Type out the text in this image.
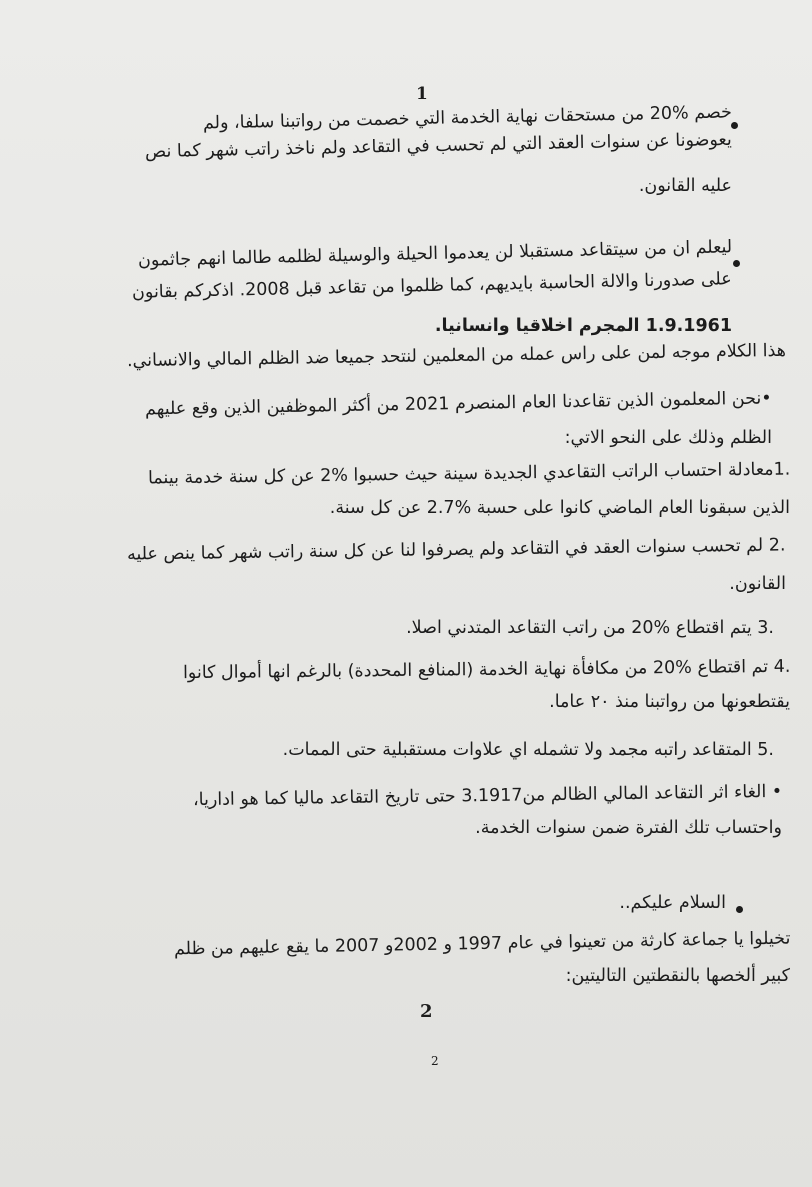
1
خصم %20 من مستحقات نهاية الخدمة التي خصمت من رواتبنا سلفا، ولم
يعوضونا عن سنوات العقد التي لم تحسب في التقاعد ولم ناخذ راتب شهر كما نص
عليه القانون.
ليعلم ان من سيتقاعد مستقبلا لن يعدموا الحيلة والوسيلة لظلمه طالما انهم جاثمون
على صدورنا والالة الحاسبة بايديهم، كما ظلموا من تقاعد قبل 2008. اذكركم بقانون
1.9.1961 المجرم اخلاقيا وانسانيا.
هذا الكلام موجه لمن على راس عمله من المعلمين لنتحد جميعا ضد الظلم المالي والانساني.
•نحن المعلمون الذين تقاعدنا العام المنصرم 2021 من أكثر الموظفين الذين وقع عليهم
الظلم وذلك على النحو الاتي:
.1معادلة احتساب الراتب التقاعدي الجديدة سينة حيث حسبوا %2 عن كل سنة خدمة بينما
الذين سبقونا العام الماضي كانوا على حسبة %2.7 عن كل سنة.
.2 لم تحسب سنوات العقد في التقاعد ولم يصرفوا لنا عن كل سنة راتب شهر كما ينص عليه
القانون.
.3 يتم اقتطاع %20 من راتب التقاعد المتدني اصلا.
.4 تم اقتطاع %20 من مكافأة نهاية الخدمة (المنافع المحددة) بالرغم انها أموال كانوا
يقتطعونها من رواتبنا منذ ٢٠ عاما.
.5 المتقاعد راتبه مجمد ولا تشمله اي علاوات مستقبلية حتى الممات.
• الغاء اثر التقاعد المالي الظالم من3.1917 حتى تاريخ التقاعد ماليا كما هو اداريا،
واحتساب تلك الفترة ضمن سنوات الخدمة.
السلام عليكم..
تخيلوا يا جماعة كارثة من تعينوا في عام 1997 و 2002و 2007 ما يقع عليهم من ظلم
كبير ألخصها بالنقطتين التاليتين:
2
2
